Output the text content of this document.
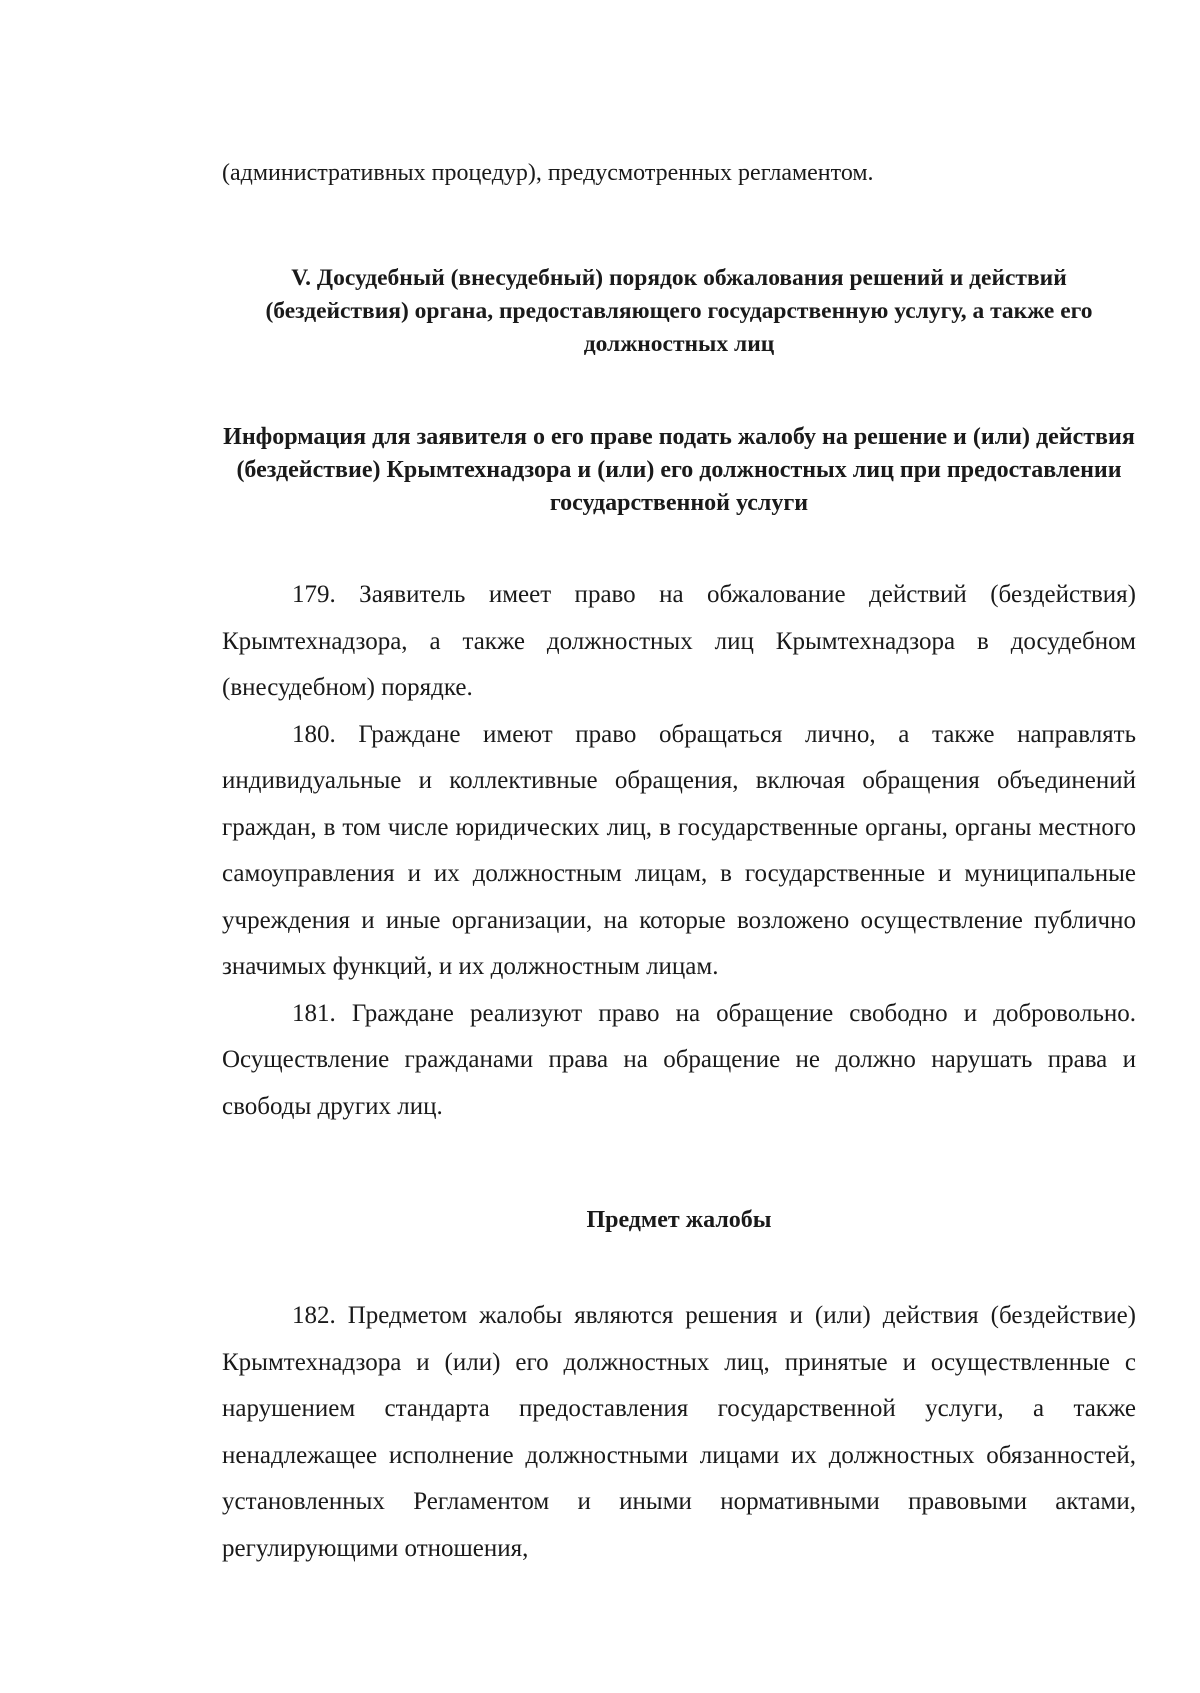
(административных процедур), предусмотренных регламентом.

V. Досудебный (внесудебный) порядок обжалования решений и действий (бездействия) органа, предоставляющего государственную услугу, а также его должностных лиц
Информация для заявителя о его праве подать жалобу на решение и (или) действия (бездействие) Крымтехнадзора и (или) его должностных лиц при предоставлении государственной услуги

179. Заявитель имеет право на обжалование действий (бездействия) Крымтехнадзора, а также должностных лиц Крымтехнадзора в досудебном (внесудебном) порядке.

180. Граждане имеют право обращаться лично, а также направлять индивидуальные и коллективные обращения, включая обращения объединений граждан, в том числе юридических лиц, в государственные органы, органы местного самоуправления и их должностным лицам, в государственные и муниципальные учреждения и иные организации, на которые возложено осуществление публично значимых функций, и их должностным лицам.

181. Граждане реализуют право на обращение свободно и добровольно. Осуществление гражданами права на обращение не должно нарушать права и свободы других лиц.

Предмет жалобы

182. Предметом жалобы являются решения и (или) действия (бездействие) Крымтехнадзора и (или) его должностных лиц, принятые и осуществленные с нарушением стандарта предоставления государственной услуги, а также ненадлежащее исполнение должностными лицами их должностных обязанностей, установленных Регламентом и иными нормативными правовыми актами, регулирующими отношения,
